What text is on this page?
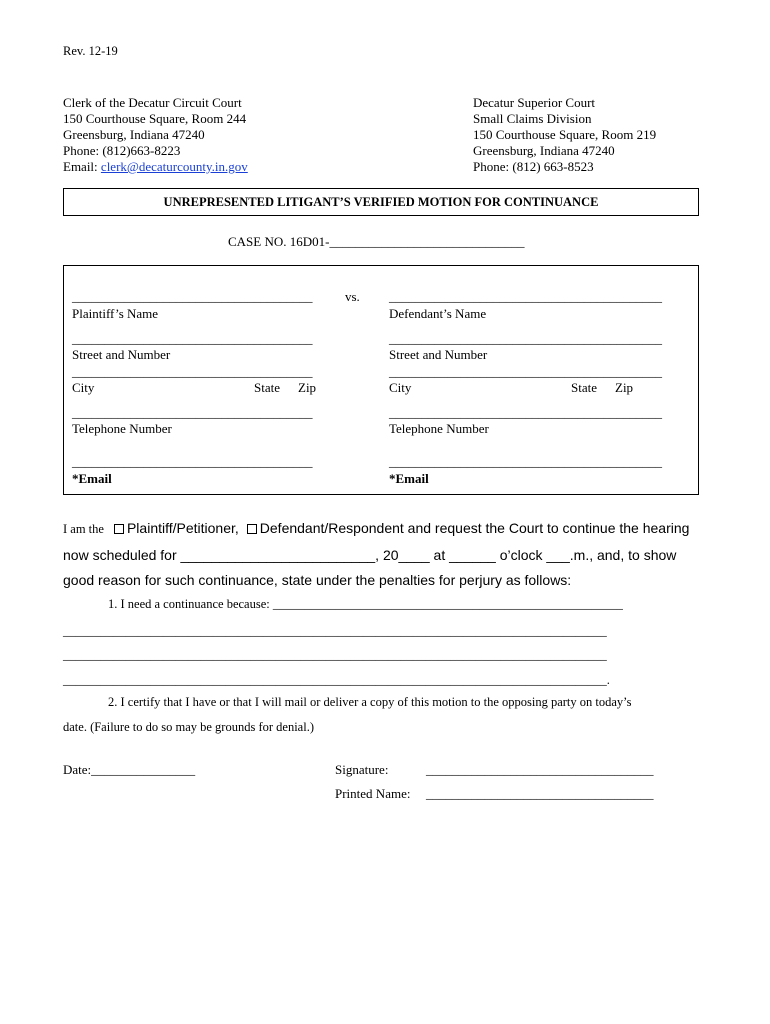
Rev. 12-19
Clerk of the Decatur Circuit Court
150 Courthouse Square, Room 244
Greensburg, Indiana 47240
Phone: (812)663-8223
Email: clerk@decaturcounty.in.gov
Decatur Superior Court
Small Claims Division
150 Courthouse Square, Room 219
Greensburg, Indiana 47240
Phone: (812) 663-8523
UNREPRESENTED LITIGANT’S VERIFIED MOTION FOR CONTINUANCE
CASE NO. 16D01-______________________________
_____________________________________	vs.
Plaintiff’s Name
_____________________________________
Street and Number
_____________________________________
City	State Zip
_____________________________________
Telephone Number
_____________________________________
*Email
__________________________________________
Defendant’s Name
__________________________________________
Street and Number
__________________________________________
City	State Zip
__________________________________________
Telephone Number
__________________________________________
*Email
I am the Plaintiff/Petitioner, Defendant/Respondent and request the Court to continue the hearing
now scheduled for _________________________, 20____ at ______ o’clock ___.m., and, to show
good reason for such continuance, state under the penalties for perjury as follows:
1. I need a continuance because: ________________________________________________________
_______________________________________________________________________________________
_______________________________________________________________________________________
_______________________________________________________________________________________.
2. I certify that I have or that I will mail or deliver a copy of this motion to the opposing party on today’s
date. (Failure to do so may be grounds for denial.)
Date:________________	Signature:	___________________________________
Printed Name: ___________________________________
